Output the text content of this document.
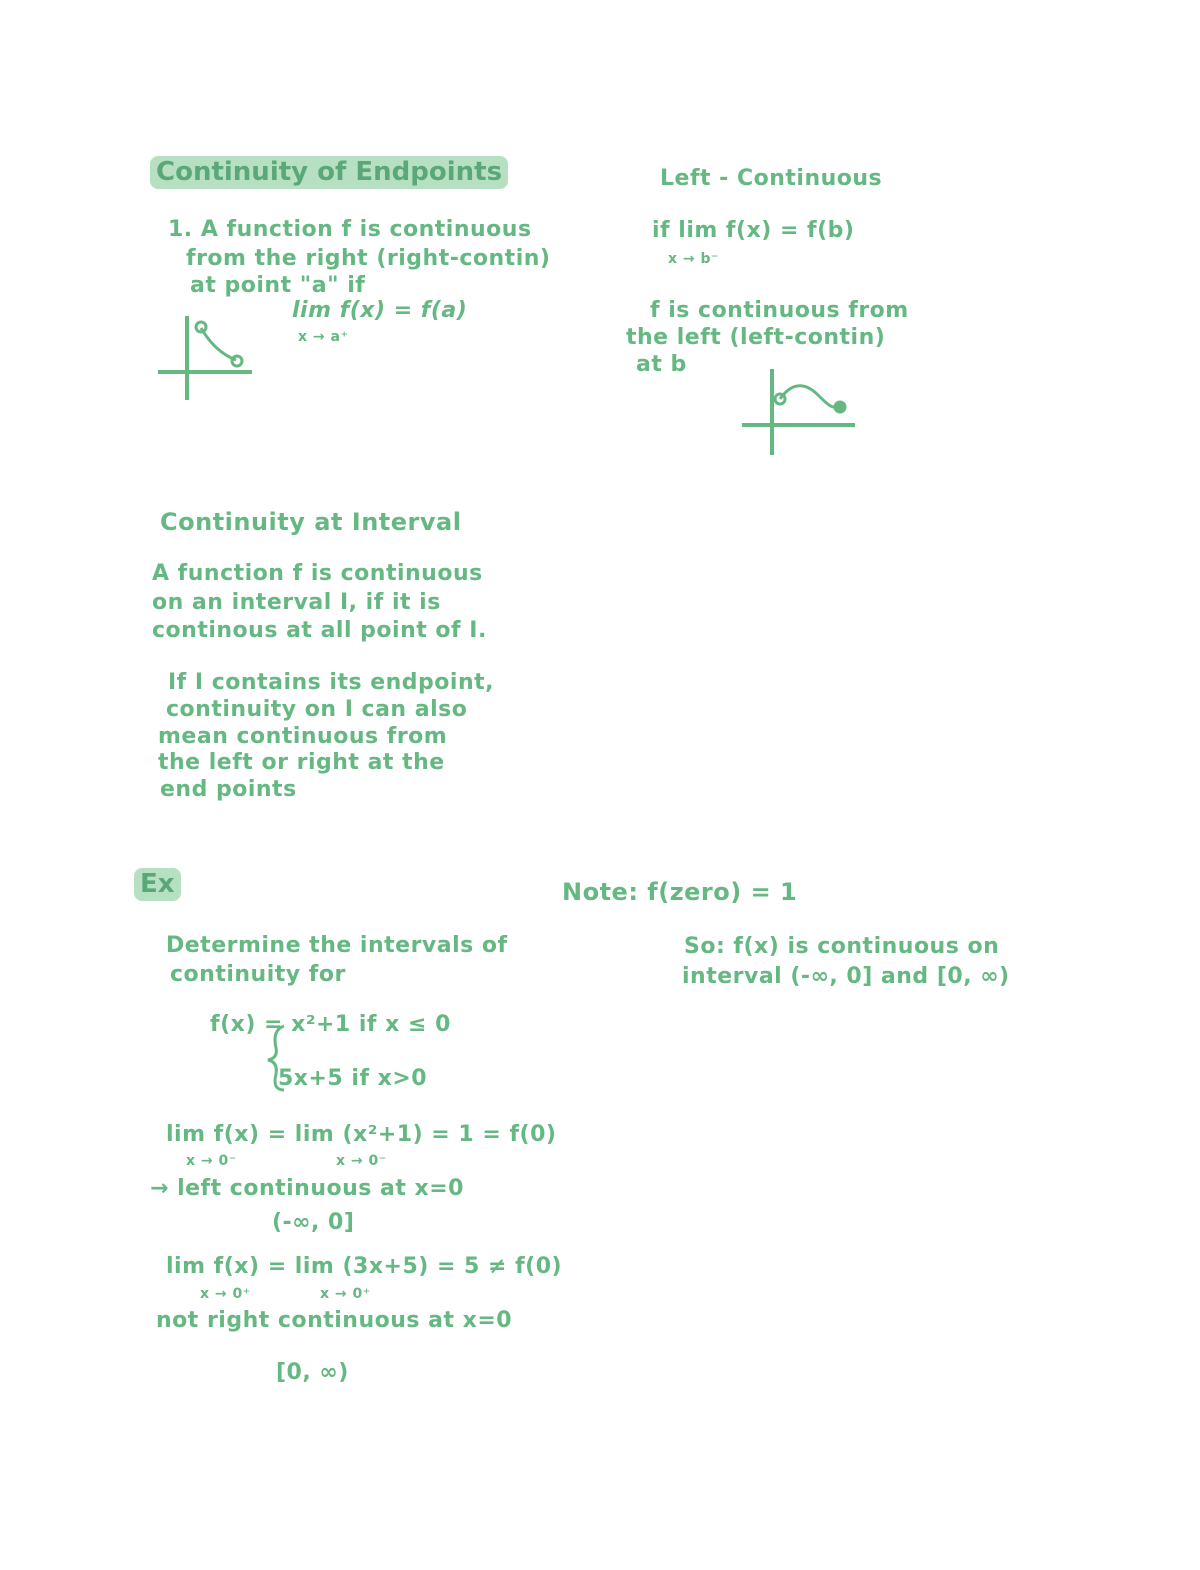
Continuity of Endpoints
1. A function f is continuous
from the right (right-contin)
at point "a" if
lim f(x) = f(a)
x → a⁺
Left - Continuous
if lim f(x) = f(b)
x → b⁻
f is continuous from
the left (left-contin)
at b
Continuity at Interval
A function f is continuous
on an interval I, if it is
continous at all point of I.
If I contains its endpoint,
continuity on I can also
mean continuous from
the left or right at the
end points
Ex
Determine the intervals of
continuity for
f(x) = x²+1 if x ≤ 0
5x+5 if x>0
lim f(x) = lim (x²+1) = 1 = f(0)
x → 0⁻	x → 0⁻
→ left continuous at x=0
(-∞, 0]
lim f(x) = lim (3x+5) = 5 ≠ f(0)
x → 0⁺	x → 0⁺
not right continuous at x=0
[0, ∞)
Note: f(zero) = 1
So: f(x) is continuous on
interval (-∞, 0] and [0, ∞)
